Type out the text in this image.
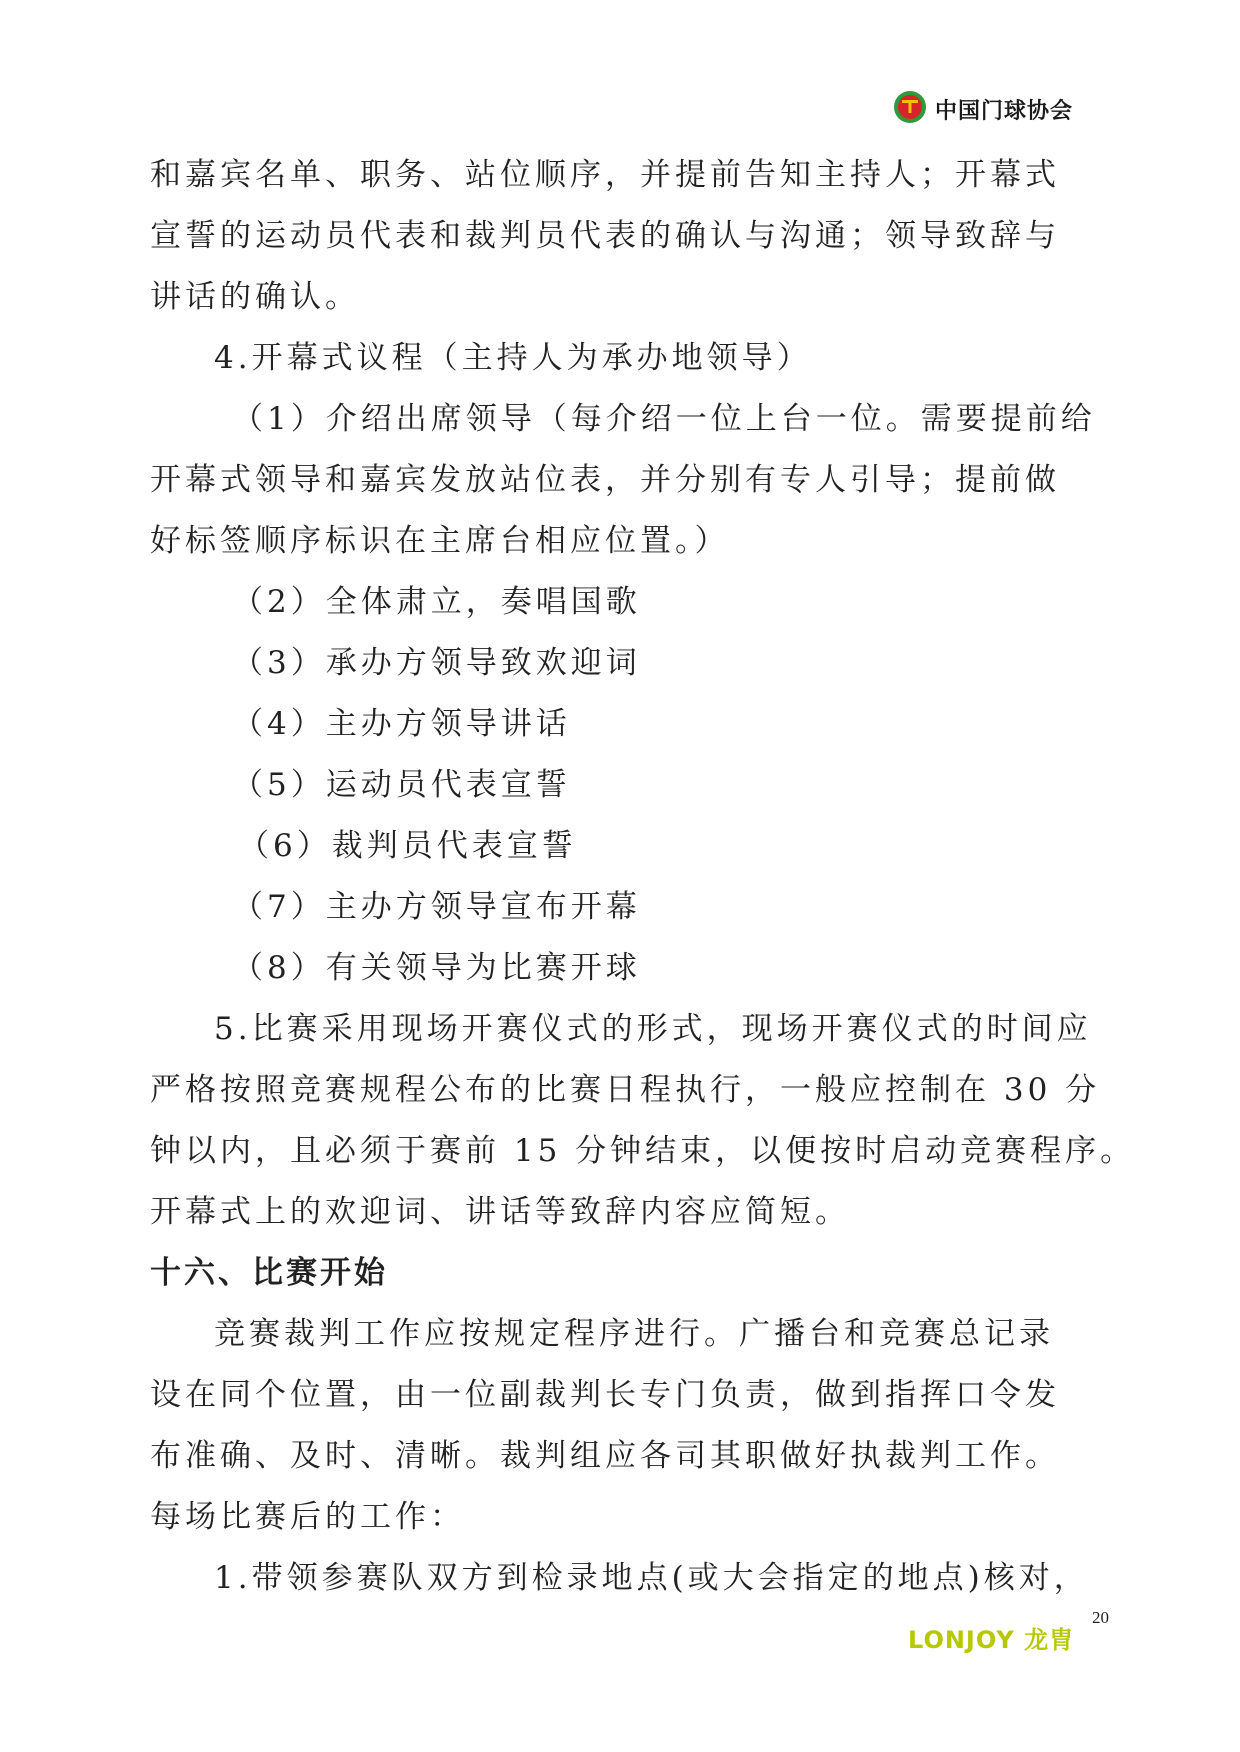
中国门球协会
和嘉宾名单、职务、站位顺序，并提前告知主持人；开幕式
宣誓的运动员代表和裁判员代表的确认与沟通；领导致辞与
讲话的确认。
4.开幕式议程（主持人为承办地领导）
（1）介绍出席领导（每介绍一位上台一位。需要提前给
开幕式领导和嘉宾发放站位表，并分别有专人引导；提前做
好标签顺序标识在主席台相应位置。）
（2）全体肃立，奏唱国歌
（3）承办方领导致欢迎词
（4）主办方领导讲话
（5）运动员代表宣誓
（6）裁判员代表宣誓
（7）主办方领导宣布开幕
（8）有关领导为比赛开球
5.比赛采用现场开赛仪式的形式，现场开赛仪式的时间应
严格按照竞赛规程公布的比赛日程执行，一般应控制在 30 分
钟以内，且必须于赛前 15 分钟结束，以便按时启动竞赛程序。
开幕式上的欢迎词、讲话等致辞内容应简短。
十六、比赛开始
竞赛裁判工作应按规定程序进行。广播台和竞赛总记录
设在同个位置，由一位副裁判长专门负责，做到指挥口令发
布准确、及时、清晰。裁判组应各司其职做好执裁判工作。
每场比赛后的工作：
1.带领参赛队双方到检录地点(或大会指定的地点)核对，
LONJOY 龙胄
20
